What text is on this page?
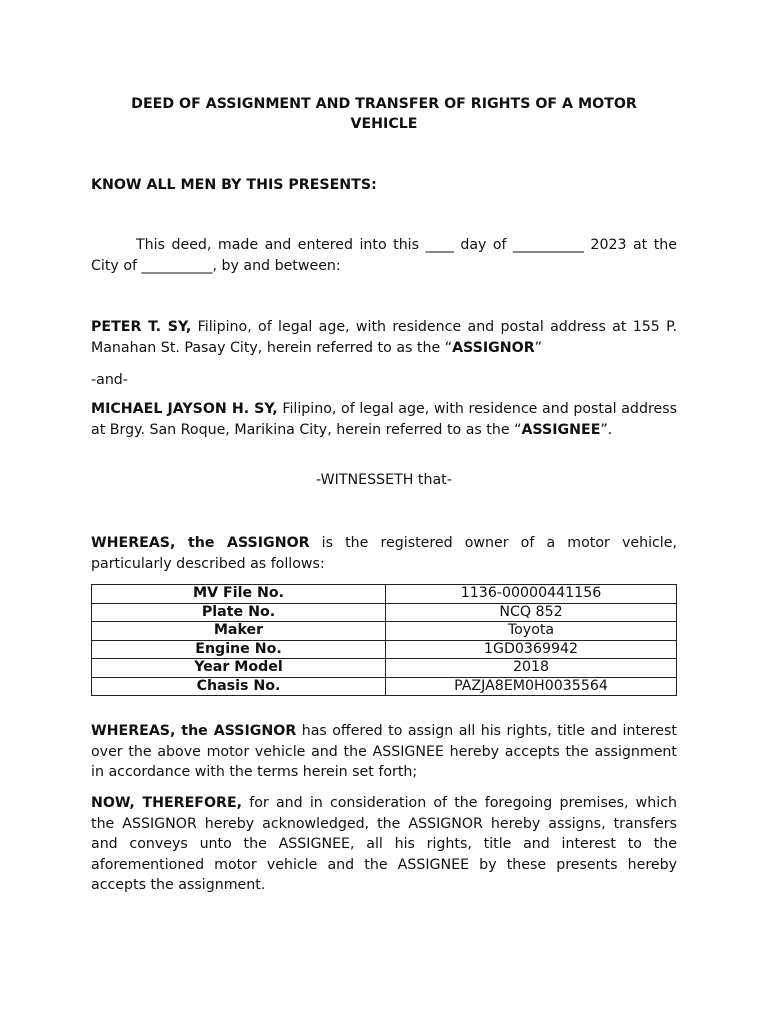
DEED OF ASSIGNMENT AND TRANSFER OF RIGHTS OF A MOTOR VEHICLE
KNOW ALL MEN BY THIS PRESENTS:

This deed, made and entered into this ____ day of __________ 2023 at the City of __________, by and between:

PETER T. SY, Filipino, of legal age, with residence and postal address at 155 P. Manahan St. Pasay City, herein referred to as the “ASSIGNOR”

-and-

MICHAEL JAYSON H. SY, Filipino, of legal age, with residence and postal address at Brgy. San Roque, Marikina City, herein referred to as the “ASSIGNEE”.

-WITNESSETH that-

WHEREAS, the ASSIGNOR is the registered owner of a motor vehicle, particularly described as follows:

MV File No.	1136-00000441156
Plate No.	NCQ 852
Maker	Toyota
Engine No.	1GD0369942
Year Model	2018
Chasis No.	PAZJA8EM0H0035564

WHEREAS, the ASSIGNOR has offered to assign all his rights, title and interest over the above motor vehicle and the ASSIGNEE hereby accepts the assignment in accordance with the terms herein set forth;

NOW, THEREFORE, for and in consideration of the foregoing premises, which the ASSIGNOR hereby acknowledged, the ASSIGNOR hereby assigns, transfers and conveys unto the ASSIGNEE, all his rights, title and interest to the aforementioned motor vehicle and the ASSIGNEE by these presents hereby accepts the assignment.
